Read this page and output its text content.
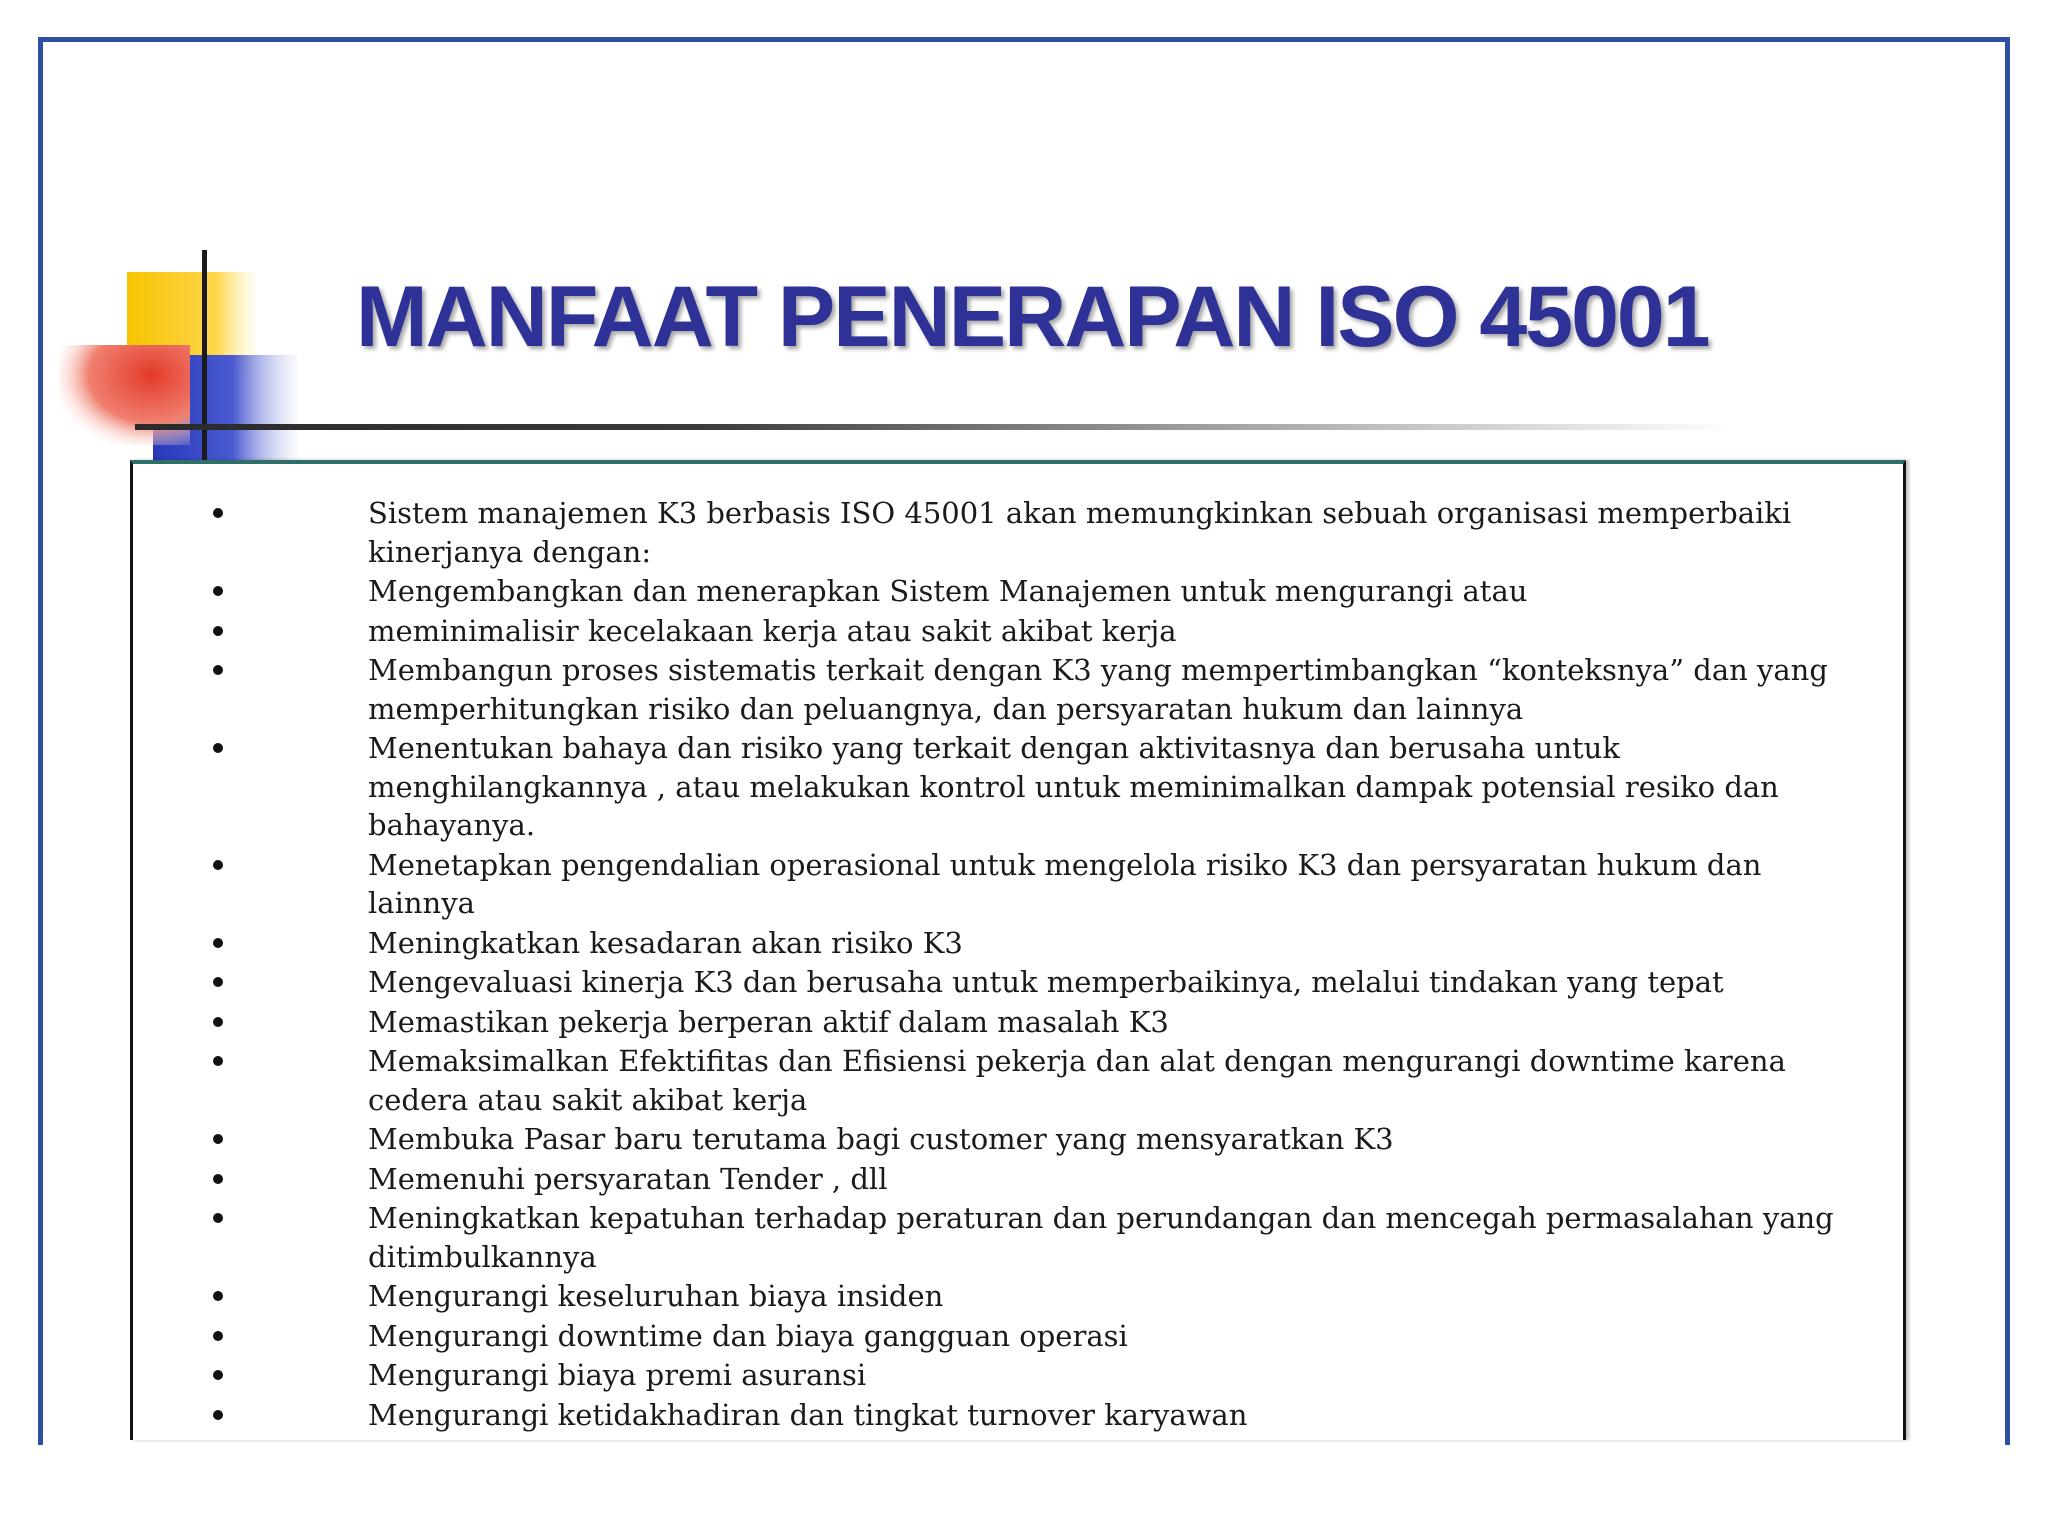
MANFAAT PENERAPAN ISO 45001
Sistem manajemen K3 berbasis ISO 45001 akan memungkinkan sebuah organisasi memperbaiki kinerjanya dengan:
Mengembangkan dan menerapkan Sistem Manajemen untuk mengurangi atau
meminimalisir kecelakaan kerja atau sakit akibat kerja
Membangun proses sistematis terkait dengan K3 yang mempertimbangkan “konteksnya” dan yang memperhitungkan risiko dan peluangnya, dan persyaratan hukum dan lainnya
Menentukan bahaya dan risiko yang terkait dengan aktivitasnya dan berusaha untuk menghilangkannya , atau melakukan kontrol untuk meminimalkan dampak potensial resiko dan bahayanya.
Menetapkan pengendalian operasional untuk mengelola risiko K3 dan persyaratan hukum dan lainnya
Meningkatkan kesadaran akan risiko K3
Mengevaluasi kinerja K3 dan berusaha untuk memperbaikinya, melalui tindakan yang tepat
Memastikan pekerja berperan aktif dalam masalah K3
Memaksimalkan Efektifitas dan Efisiensi pekerja dan alat dengan mengurangi downtime karena cedera atau sakit akibat kerja
Membuka Pasar baru terutama bagi customer yang mensyaratkan K3
Memenuhi persyaratan Tender , dll
Meningkatkan kepatuhan terhadap peraturan dan perundangan dan mencegah permasalahan yang ditimbulkannya
Mengurangi keseluruhan biaya insiden
Mengurangi downtime dan biaya gangguan operasi
Mengurangi biaya premi asuransi
Mengurangi ketidakhadiran dan tingkat turnover karyawan
